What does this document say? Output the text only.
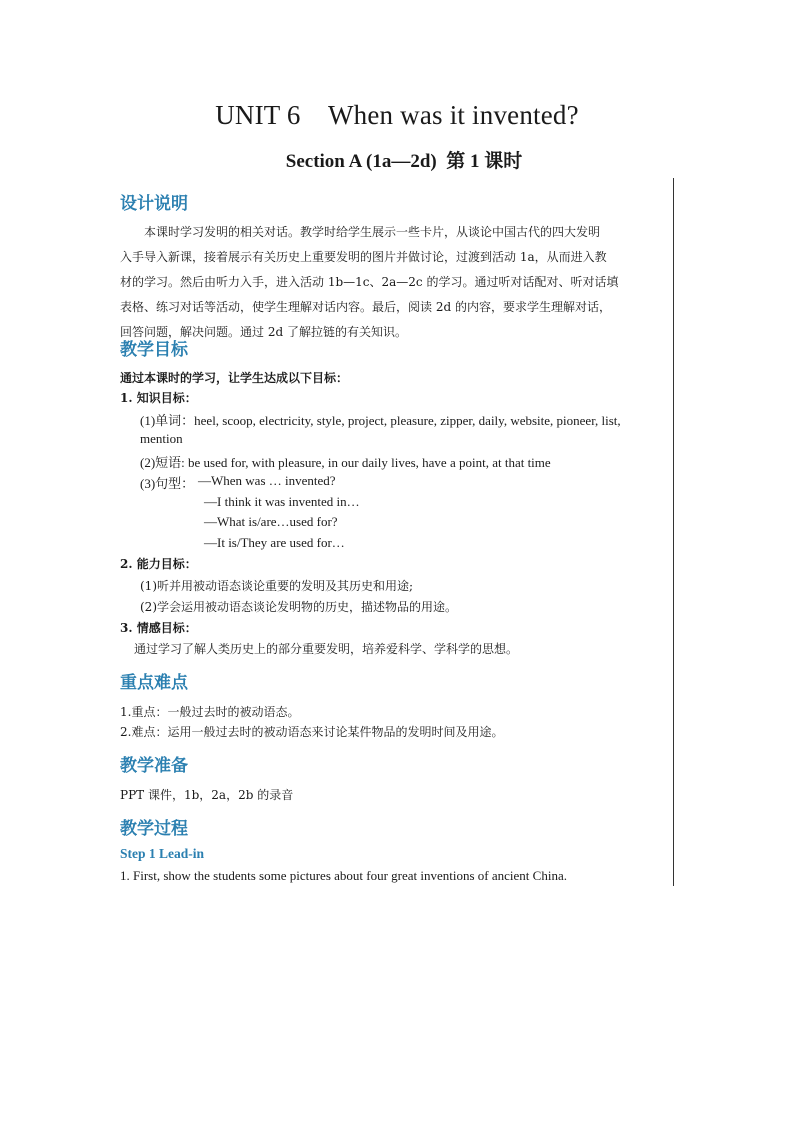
UNIT 6    When was it invented?
Section A (1a—2d)  第 1 课时
设计说明
本课时学习发明的相关对话。教学时给学生展示一些卡片，从谈论中国古代的四大发明
入手导入新课，接着展示有关历史上重要发明的图片并做讨论，过渡到活动 1a，从而进入教
材的学习。然后由听力入手，进入活动 1b—1c、2a—2c 的学习。通过听对话配对、听对话填
表格、练习对话等活动，使学生理解对话内容。最后，阅读 2d 的内容，要求学生理解对话，
回答问题，解决问题。通过 2d 了解拉链的有关知识。
教学目标
通过本课时的学习，让学生达成以下目标：
1. 知识目标：
(1)单词：heel, scoop, electricity, style, project, pleasure, zipper, daily, website, pioneer, list,
mention
(2)短语: be used for, with pleasure, in our daily lives, have a point, at that time
(3)句型： —When was … invented?
—I think it was invented in…
—What is/are…used for?
—It is/They are used for…
2. 能力目标：
(1)听并用被动语态谈论重要的发明及其历史和用途;
(2)学会运用被动语态谈论发明物的历史，描述物品的用途。
3. 情感目标：
通过学习了解人类历史上的部分重要发明，培养爱科学、学科学的思想。
重点难点
1.重点：一般过去时的被动语态。
2.难点：运用一般过去时的被动语态来讨论某件物品的发明时间及用途。
教学准备
PPT 课件，1b，2a，2b 的录音
教学过程
Step 1 Lead-in
1. First, show the students some pictures about four great inventions of ancient China.
